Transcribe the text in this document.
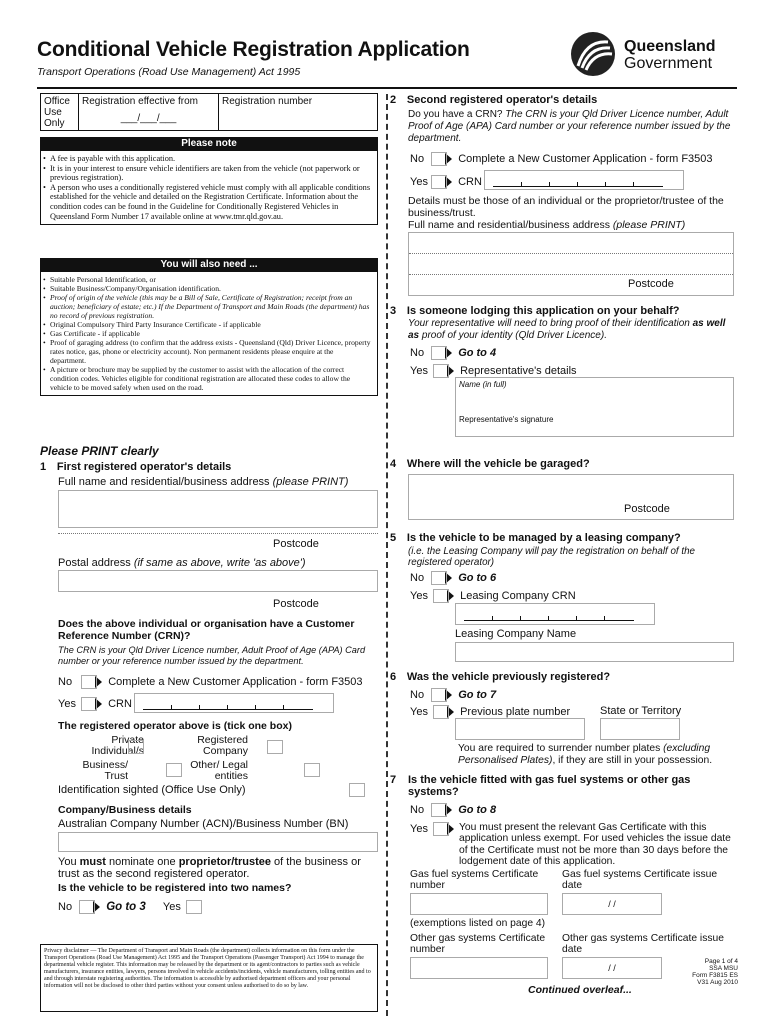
Conditional Vehicle Registration Application
Transport Operations (Road Use Management) Act 1995
Queensland
Government
Office Use Only
Registration effective from
___/___/___
Registration number
Please note
• A fee is payable with this application.
• It is in your interest to ensure vehicle identifiers are taken from the vehicle (not paperwork or previous registration).
• A person who uses a conditionally registered vehicle must comply with all applicable conditions established for the vehicle and detailed on the Registration Certificate. Information about the condition codes can be found in the Guideline for Conditionally Registered Vehicles in Queensland Form Number 17 available online at www.tmr.qld.gov.au.
You will also need ...
• Suitable Personal Identification, or
• Suitable Business/Company/Organisation identification.
• Proof of origin of the vehicle (this may be a Bill of Sale, Certificate of Registration; receipt from an auction; beneficiary of estate; etc.) If the Department of Transport and Main Roads (the department) has no record of previous registration.
• Original Compulsory Third Party Insurance Certificate - if applicable
• Gas Certificate - if applicable
• Proof of garaging address (to confirm that the address exists - Queensland (Qld) Driver Licence, property rates notice, gas, phone or electricity account). Non permanent residents please enquire at the department.
• A picture or brochure may be supplied by the customer to assist with the allocation of the correct condition codes. Vehicles eligible for conditional registration are allocated these codes to allow the vehicle to be moved safely when used on the road.
Please PRINT clearly
1 First registered operator's details
Full name and residential/business address (please PRINT)
Postcode
Postal address (if same as above, write 'as above')
Postcode
Does the above individual or organisation have a Customer Reference Number (CRN)?
The CRN is your Qld Driver Licence number, Adult Proof of Age (APA) Card number or your reference number issued by the department.
No	Complete a New Customer Application - form F3503
Yes	CRN
The registered operator above is (tick one box)
Private Individual/s

Registered Company

Business/ Trust

Other/ Legal entities

Identification sighted (Office Use Only)
Company/Business details
Australian Company Number (ACN)/Business Number (BN)
You must nominate one proprietor/trustee of the business or trust as the second registered operator.
Is the vehicle to be registered into two names?
No	Go to 3 Yes
Privacy disclaimer — The Department of Transport and Main Roads (the department) collects information on this form under the Transport Operations (Road Use Management) Act 1995 and the Transport Operations (Passenger Transport) Act 1994 to manage the departmental vehicle register. This information may be released by the department or its agent/contractors to parties such as vehicle manufacturers, insurance entities, lawyers, persons involved in vehicle accidents/incidents, vehicle manufacturers, tolling entities and to and through interstate registering authorities. The information is accessible by authorised department officers and your personal information will not be disclosed to other third parties without your consent unless authorised to do so by law.
2 Second registered operator's details
Do you have a CRN? The CRN is your Qld Driver Licence number, Adult Proof of Age (APA) Card number or your reference number issued by the department.
No	Complete a New Customer Application - form F3503
Yes	CRN
Details must be those of an individual or the proprietor/trustee of the business/trust.
Full name and residential/business address (please PRINT)
Postcode
3 Is someone lodging this application on your behalf?
Your representative will need to bring proof of their identification as well as proof of your identity (Qld Driver Licence).
No	Go to 4
Yes	Representative's details
Name (in full)
Representative's signature
4 Where will the vehicle be garaged?
Postcode
5 Is the vehicle to be managed by a leasing company?
(i.e. the Leasing Company will pay the registration on behalf of the registered operator)
No	Go to 6
Yes	Leasing Company CRN
Leasing Company Name
6 Was the vehicle previously registered?
No	Go to 7
Yes	Previous plate number	State or Territory
You are required to surrender number plates (excluding Personalised Plates), if they are still in your possession.
7 Is the vehicle fitted with gas fuel systems or other gas systems?
No	Go to 8
Yes	You must present the relevant Gas Certificate with this application unless exempt. For used vehicles the issue date of the Certificate must not be more than 30 days before the lodgement date of this application.
Gas fuel systems Certificate number
Gas fuel systems Certificate issue date
/ /
(exemptions listed on page 4)
Other gas systems Certificate number
Other gas systems Certificate issue date
/ /
Page 1 of 4
SSA MSU
Form F3815 ES
V31 Aug 2010
Continued overleaf...
